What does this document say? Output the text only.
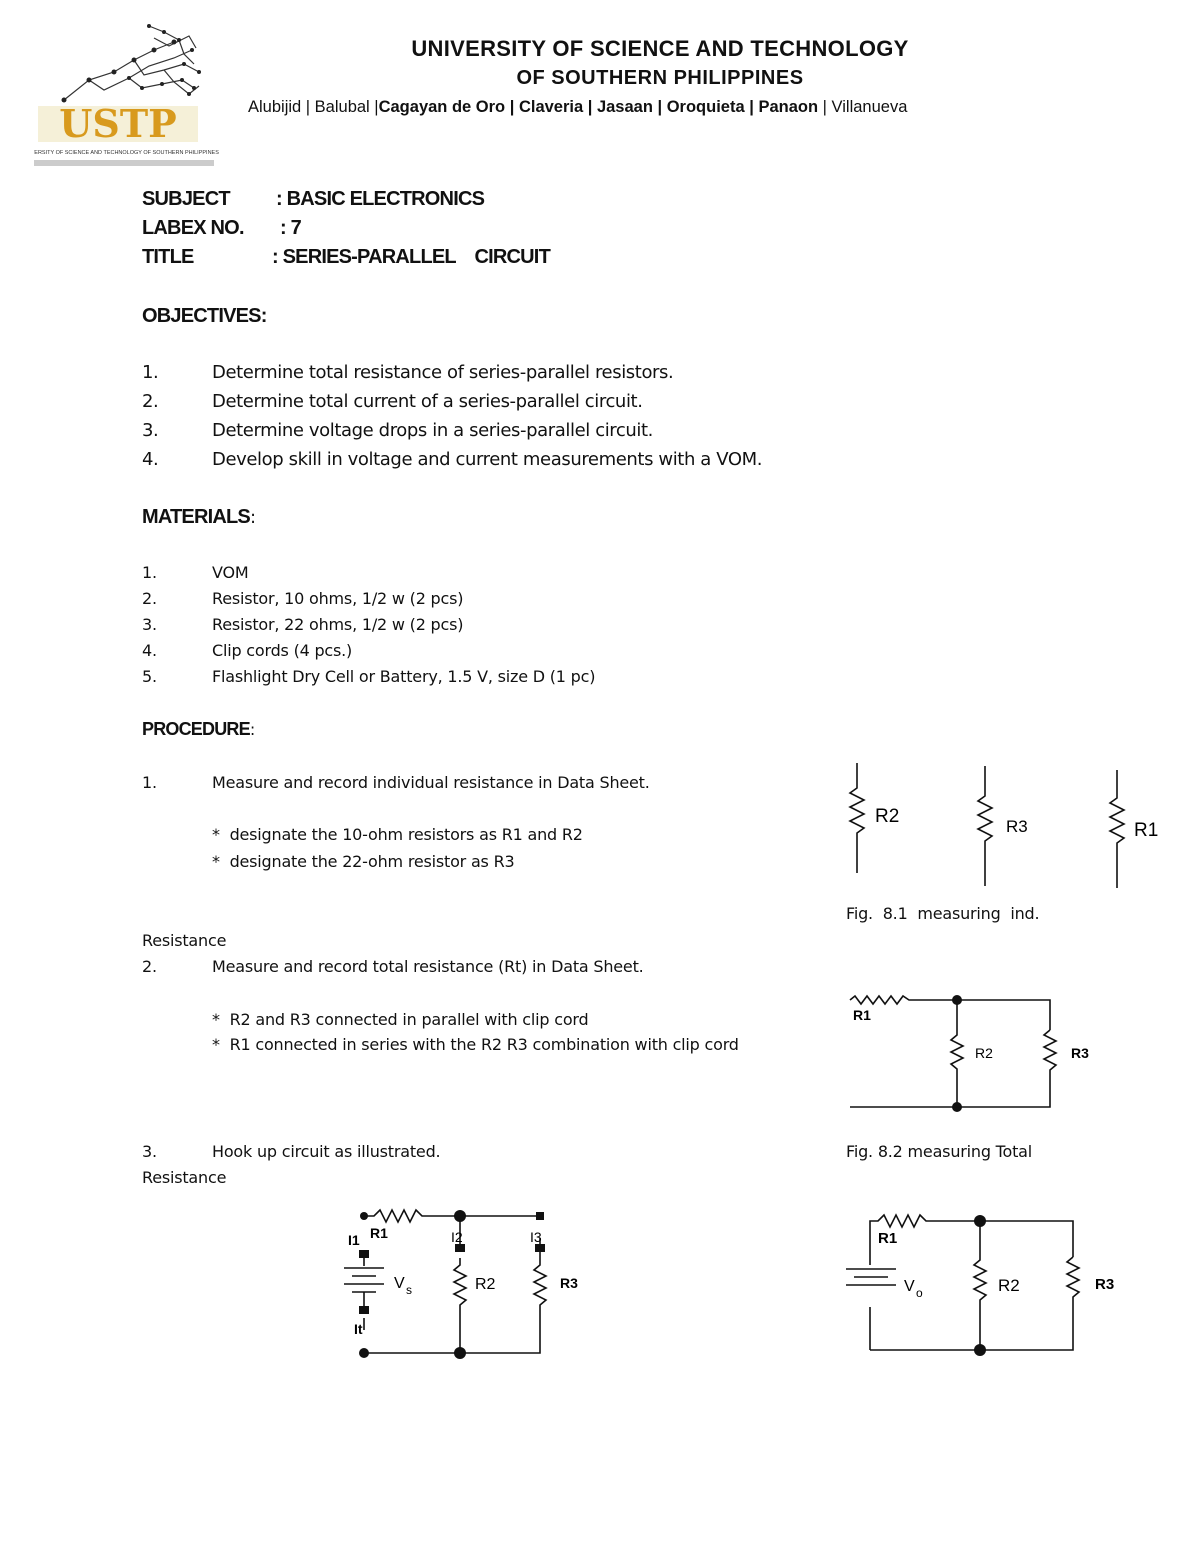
USTP
UNIVERSITY OF SCIENCE AND TECHNOLOGY OF SOUTHERN PHILIPPINES
UNIVERSITY OF SCIENCE AND TECHNOLOGY
OF SOUTHERN PHILIPPINES
Alubijid | Balubal |Cagayan de Oro | Claveria | Jasaan | Oroquieta | Panaon | Villanueva
SUBJECT : BASIC ELECTRONICS
LABEX NO. : 7
TITLE	: SERIES-PARALLEL    CIRCUIT
OBJECTIVES:
1.	Determine total resistance of series-parallel resistors.
2.	Determine total current of a series-parallel circuit.
3.	Determine voltage drops in a series-parallel circuit.
4.	Develop skill in voltage and current measurements with a VOM.
MATERIALS:
1.	VOM
2.	Resistor, 10 ohms, 1/2 w (2 pcs)
3.	Resistor, 22 ohms, 1/2 w (2 pcs)
4.	Clip cords (4 pcs.)
5.	Flashlight Dry Cell or Battery, 1.5 V, size D (1 pc)
PROCEDURE:
1.	Measure and record individual resistance in Data Sheet.
*  designate the 10-ohm resistors as R1 and R2
*  designate the 22-ohm resistor as R3
Resistance
2.	Measure and record total resistance (Rt) in Data Sheet.
*  R2 and R3 connected in parallel with clip cord
*  R1 connected in series with the R2 R3 combination with clip cord
3.	Hook up circuit as illustrated.
Resistance
R2	R3	R1
Fig.  8.1  measuring  ind.
R1
R2	R3
Fig. 8.2 measuring Total
I1 R1	I2	I3
V s	R2	R3
It
R1
V o	R2	R3
